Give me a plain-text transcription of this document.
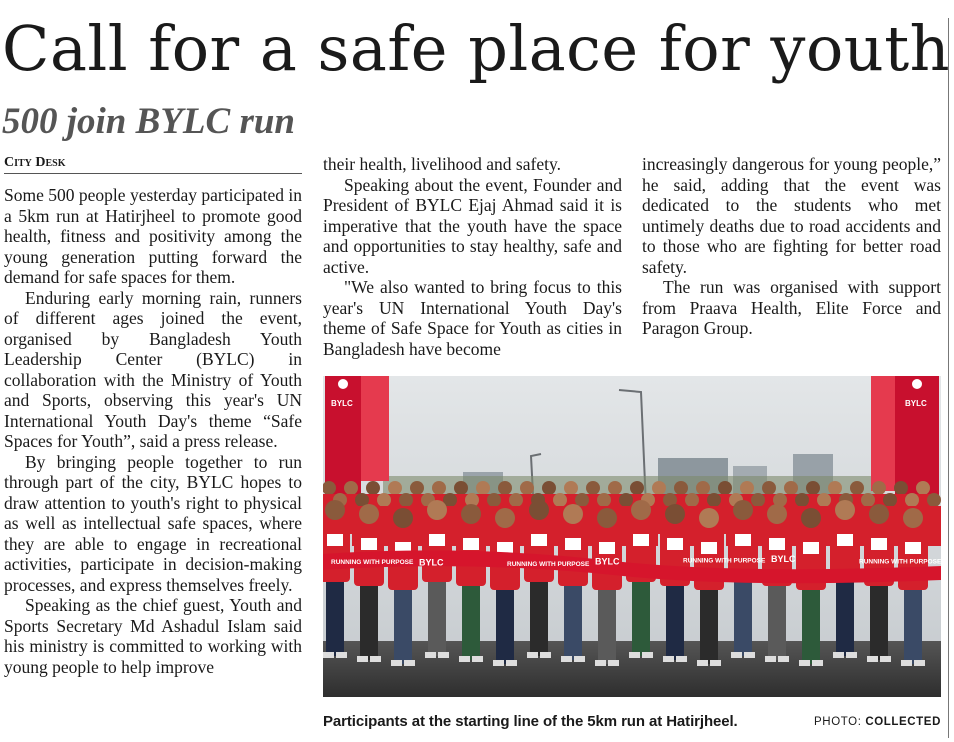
Call for a safe place for youth
500 join BYLC run
City Desk

Some 500 people yesterday participated in a 5km run at Hatirjheel to promote good health, fitness and positivity among the young generation putting forward the demand for safe spaces for them.

Enduring early morning rain, runners of different ages joined the event, organised by Bangladesh Youth Leadership Center (BYLC) in collaboration with the Ministry of Youth and Sports, observing this year's UN International Youth Day's theme “Safe Spaces for Youth”, said a press release.

By bringing people together to run through part of the city, BYLC hopes to draw attention to youth's right to physical as well as intellectual safe spaces, where they are able to engage in recreational activities, participate in decision-making processes, and express themselves freely.

Speaking as the chief guest, Youth and Sports Secretary Md Ashadul Islam said his ministry is committed to working with young people to help improve

their health, livelihood and safety.

Speaking about the event, Founder and President of BYLC Ejaj Ahmad said it is imperative that the youth have the space and opportunities to stay healthy, safe and active.

"We also wanted to bring focus to this year's UN International Youth Day's theme of Safe Space for Youth as cities in Bangladesh have become

increasingly dangerous for young people,” he said, adding that the event was dedicated to the students who met untimely deaths due to road accidents and to those who are fighting for better road safety.

The run was organised with support from Praava Health, Elite Force and Paragon Group.

BYLC	BYLC
RUNNING WITH PURPOSE BYLC	RUNNING WITH PURPOSE BYLC	RUNNING WITH PURPOSE BYLC	RUNNING WITH PURPOSE
Participants at the starting line of the 5km run at Hatirjheel.	PHOTO: COLLECTED
